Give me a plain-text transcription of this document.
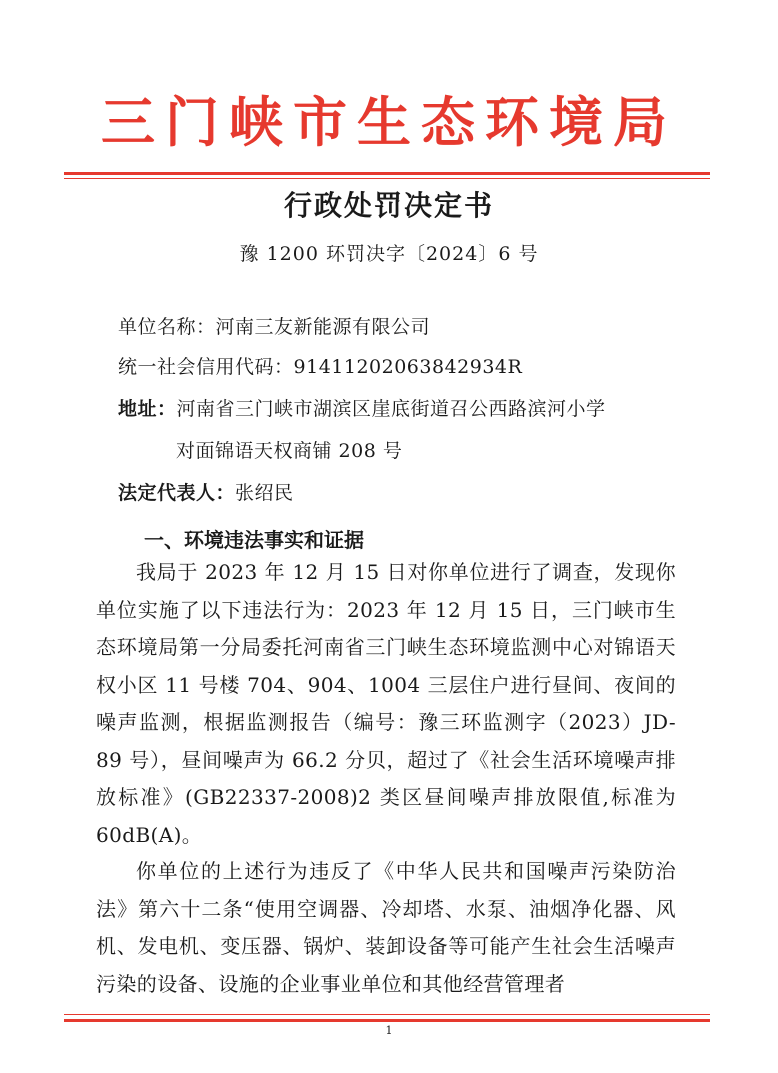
三门峡市生态环境局
行政处罚决定书
豫 1200 环罚决字〔2024〕6 号
单位名称：河南三友新能源有限公司
统一社会信用代码：91411202063842934R
地址：河南省三门峡市湖滨区崖底街道召公西路滨河小学
对面锦语天权商铺 208 号
法定代表人：张绍民
一、环境违法事实和证据
我局于 2023 年 12 月 15 日对你单位进行了调查，发现你单位实施了以下违法行为：2023 年 12 月 15 日，三门峡市生态环境局第一分局委托河南省三门峡生态环境监测中心对锦语天权小区 11 号楼 704、904、1004 三层住户进行昼间、夜间的噪声监测，根据监测报告（编号：豫三环监测字（2023）JD-89 号），昼间噪声为 66.2 分贝，超过了《社会生活环境噪声排放标准》(GB22337-2008)2 类区昼间噪声排放限值,标准为 60dB(A)。
你单位的上述行为违反了《中华人民共和国噪声污染防治法》第六十二条“使用空调器、冷却塔、水泵、油烟净化器、风机、发电机、变压器、锅炉、装卸设备等可能产生社会生活噪声污染的设备、设施的企业事业单位和其他经营管理者
1
